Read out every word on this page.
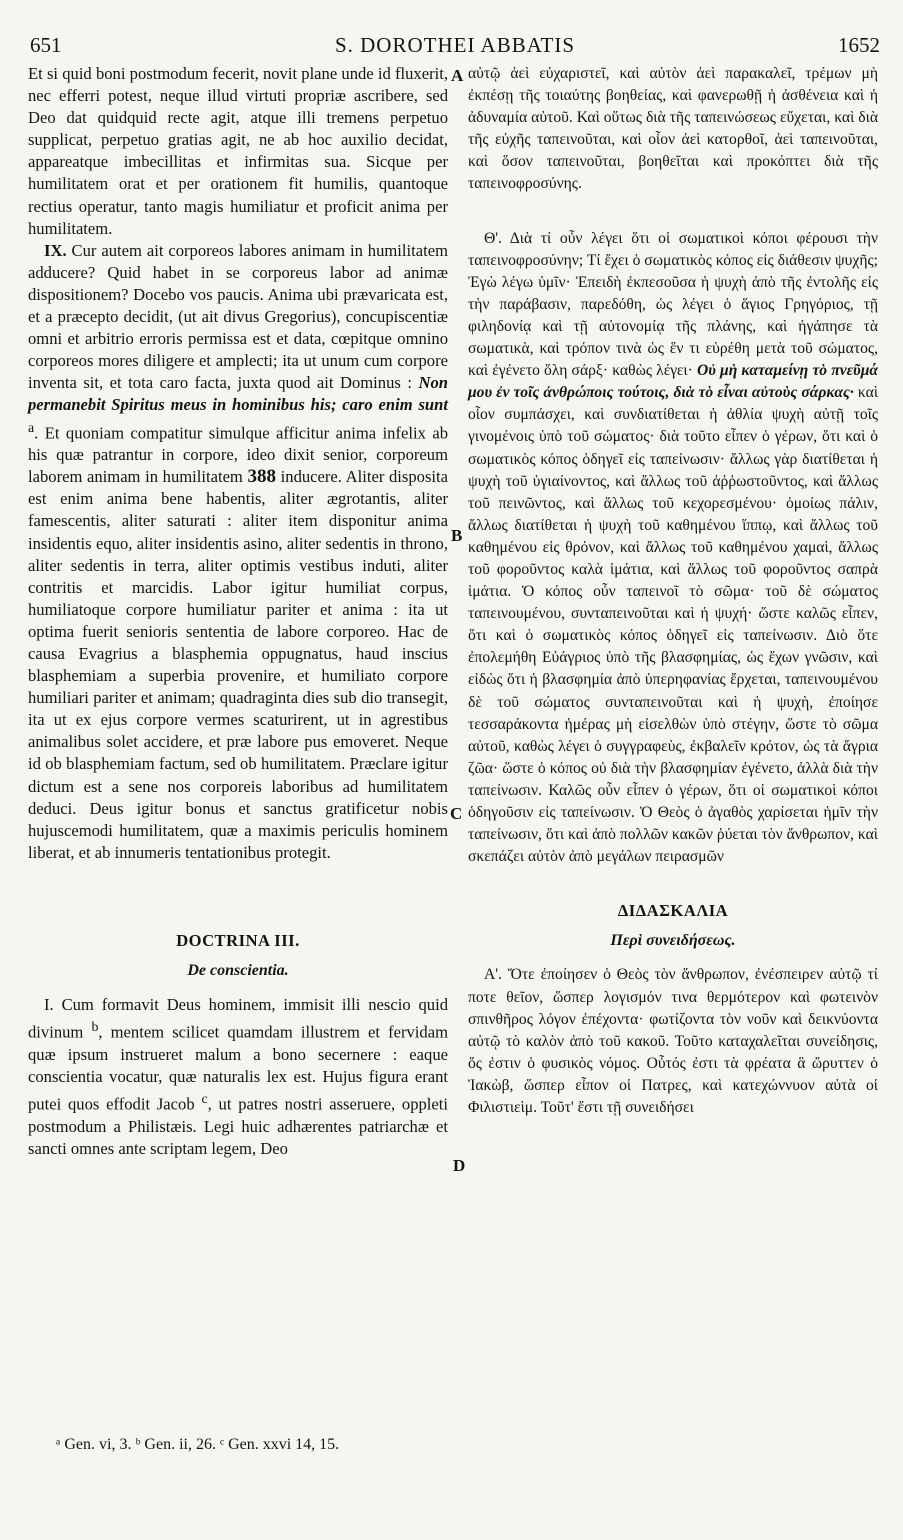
651	S. DOROTHEI ABBATIS	1652
A
B
C
D

Et si quid boni postmodum fecerit, novit plane unde id fluxerit, nec efferri potest, neque illud virtuti propriæ ascribere, sed Deo dat quidquid recte agit, atque illi tremens perpetuo supplicat, perpetuo gratias agit, ne ab hoc auxilio decidat, appareatque imbecillitas et infirmitas sua. Sicque per humilitatem orat et per orationem fit humilis, quantoque rectius operatur, tanto magis humiliatur et proficit anima per humilitatem.

IX. Cur autem ait corporeos labores animam in humilitatem adducere? Quid habet in se corporeus labor ad animæ dispositionem? Docebo vos paucis. Anima ubi prævaricata est, et a præcepto decidit, (ut ait divus Gregorius), concupiscentiæ omni et arbitrio erroris permissa est et data, cœpitque omnino corporeos mores diligere et amplecti; ita ut unum cum corpore inventa sit, et tota caro facta, juxta quod ait Dominus : Non permanebit Spiritus meus in hominibus his; caro enim sunt $^a$. Et quoniam compatitur simulque afficitur anima infelix ab his quæ patrantur in corpore, ideo dixit senior, corporeum laborem animam in humilitatem 388 inducere. Aliter disposita est enim anima bene habentis, aliter ægrotantis, aliter famescentis, aliter saturati : aliter item disponitur anima insidentis equo, aliter insidentis asino, aliter sedentis in throno, aliter sedentis in terra, aliter optimis vestibus induti, aliter contritis et marcidis. Labor igitur humiliat corpus, humiliatoque corpore humiliatur pariter et anima : ita ut optima fuerit senioris sententia de labore corporeo. Hac de causa Evagrius a blasphemia oppugnatus, haud inscius blasphemiam a superbia provenire, et humiliato corpore humiliari pariter et animam; quadraginta dies sub dio transegit, ita ut ex ejus corpore vermes scaturirent, ut in agrestibus animalibus solet accidere, et præ labore pus emoveret. Neque id ob blasphemiam factum, sed ob humilitatem. Præclare igitur dictum est a sene nos corporeis laboribus ad humilitatem deduci. Deus igitur bonus et sanctus gratificetur nobis hujuscemodi humilitatem, quæ a maximis periculis hominem liberat, et ab innumeris tentationibus protegit.

DOCTRINA III.
De conscientia.

I. Cum formavit Deus hominem, immisit illi nescio quid divinum $^b$, mentem scilicet quamdam illustrem et fervidam quæ ipsum instrueret malum a bono secernere : eaque conscientia vocatur, quæ naturalis lex est. Hujus figura erant putei quos effodit Jacob $^c$, ut patres nostri asseruere, oppleti postmodum a Philistæis. Legi huic adhærentes patriarchæ et sancti omnes ante scriptam legem, Deo

αὐτῷ ἀεὶ εὐχαριστεῖ, καὶ αὐτὸν ἀεὶ παρακαλεῖ, τρέμων μὴ ἐκπέσῃ τῆς τοιαύτης βοηθείας, καὶ φανερωθῇ ἡ ἀσθένεια καὶ ἡ ἀδυναμία αὐτοῦ. Καὶ οὕτως διὰ τῆς ταπεινώσεως εὔχεται, καὶ διὰ τῆς εὐχῆς ταπεινοῦται, καὶ οἷον ἀεὶ κατορθοῖ, ἀεὶ ταπεινοῦται, καὶ ὅσον ταπεινοῦται, βοηθεῖται καὶ προκόπτει διὰ τῆς ταπεινοφροσύνης.

Θ'. Διὰ τί οὖν λέγει ὅτι οἱ σωματικοὶ κόποι φέρουσι τὴν ταπεινοφροσύνην; Τί ἔχει ὁ σωματικὸς κόπος εἰς διάθεσιν ψυχῆς; Ἐγὼ λέγω ὑμῖν· Ἐπειδὴ ἐκπεσοῦσα ἡ ψυχὴ ἀπὸ τῆς ἐντολῆς εἰς τὴν παράβασιν, παρεδόθη, ὡς λέγει ὁ ἅγιος Γρηγόριος, τῇ φιληδονίᾳ καὶ τῇ αὐτονομίᾳ τῆς πλάνης, καὶ ἠγάπησε τὰ σωματικὰ, καὶ τρόπον τινὰ ὡς ἕν τι εὑρέθη μετὰ τοῦ σώματος, καὶ ἐγένετο ὅλη σάρξ· καθὼς λέγει· Οὐ μὴ καταμείνῃ τὸ πνεῦμά μου ἐν τοῖς ἀνθρώποις τούτοις, διὰ τὸ εἶναι αὐτοὺς σάρκας· καὶ οἷον συμπάσχει, καὶ συνδιατίθεται ἡ ἀθλία ψυχὴ αὐτῇ τοῖς γινομένοις ὑπὸ τοῦ σώματος· διὰ τοῦτο εἶπεν ὁ γέρων, ὅτι καὶ ὁ σωματικὸς κόπος ὁδηγεῖ εἰς ταπείνωσιν· ἄλλως γὰρ διατίθεται ἡ ψυχὴ τοῦ ὑγιαίνοντος, καὶ ἄλλως τοῦ ἀῤῥωστοῦντος, καὶ ἄλλως τοῦ πεινῶντος, καὶ ἄλλως τοῦ κεχορεσμένου· ὁμοίως πάλιν, ἄλλως διατίθεται ἡ ψυχὴ τοῦ καθημένου ἵππῳ, καὶ ἄλλως τοῦ καθημένου εἰς θρόνον, καὶ ἄλλως τοῦ καθημένου χαμαὶ, ἄλλως τοῦ φοροῦντος καλὰ ἱμάτια, καὶ ἄλλως τοῦ φοροῦντος σαπρὰ ἱμάτια. Ὁ κόπος οὖν ταπεινοῖ τὸ σῶμα· τοῦ δὲ σώματος ταπεινουμένου, συνταπεινοῦται καὶ ἡ ψυχή· ὥστε καλῶς εἶπεν, ὅτι καὶ ὁ σωματικὸς κόπος ὁδηγεῖ εἰς ταπείνωσιν. Διὸ ὅτε ἐπολεμήθη Εὐάγριος ὑπὸ τῆς βλασφημίας, ὡς ἔχων γνῶσιν, καὶ εἰδὼς ὅτι ἡ βλασφημία ἀπὸ ὑπερηφανίας ἔρχεται, ταπεινουμένου δὲ τοῦ σώματος συνταπεινοῦται καὶ ἡ ψυχὴ, ἐποίησε τεσσαράκοντα ἡμέρας μὴ εἰσελθὼν ὑπὸ στέγην, ὥστε τὸ σῶμα αὐτοῦ, καθὼς λέγει ὁ συγγραφεὺς, ἐκβαλεῖν κρότον, ὡς τὰ ἄγρια ζῶα· ὥστε ὁ κόπος οὐ διὰ τὴν βλασφημίαν ἐγένετο, ἀλλὰ διὰ τὴν ταπείνωσιν. Καλῶς οὖν εἶπεν ὁ γέρων, ὅτι οἱ σωματικοὶ κόποι ὁδηγοῦσιν εἰς ταπείνωσιν. Ὁ Θεὸς ὁ ἀγαθὸς χαρίσεται ἡμῖν τὴν ταπείνωσιν, ὅτι καὶ ἀπὸ πολλῶν κακῶν ῥύεται τὸν ἄνθρωπον, καὶ σκεπάζει αὐτὸν ἀπὸ μεγάλων πειρασμῶν

ΔΙΔΑΣΚΑΛΙΑ
Περὶ συνειδήσεως.

Α'. Ὅτε ἐποίησεν ὁ Θεὸς τὸν ἄνθρωπον, ἐνέσπειρεν αὐτῷ τί ποτε θεῖον, ὥσπερ λογισμόν τινα θερμότερον καὶ φωτεινὸν σπινθῆρος λόγον ἐπέχοντα· φωτίζοντα τὸν νοῦν καὶ δεικνύοντα αὐτῷ τὸ καλὸν ἀπὸ τοῦ κακοῦ. Τοῦτο καταχαλεῖται συνείδησις, ὅς ἐστιν ὁ φυσικὸς νόμος. Οὗτός ἐστι τὰ φρέατα ἃ ὤρυττεν ὁ Ἰακὼβ, ὥσπερ εἶπον οἱ Πατρες, καὶ κατεχώννυον αὐτὰ οἱ Φιλιστιεὶμ. Τοῦτ' ἔστι τῇ συνειδήσει

ᵃ Gen. vi, 3. ᵇ Gen. ii, 26. ᶜ Gen. xxvi 14, 15.
